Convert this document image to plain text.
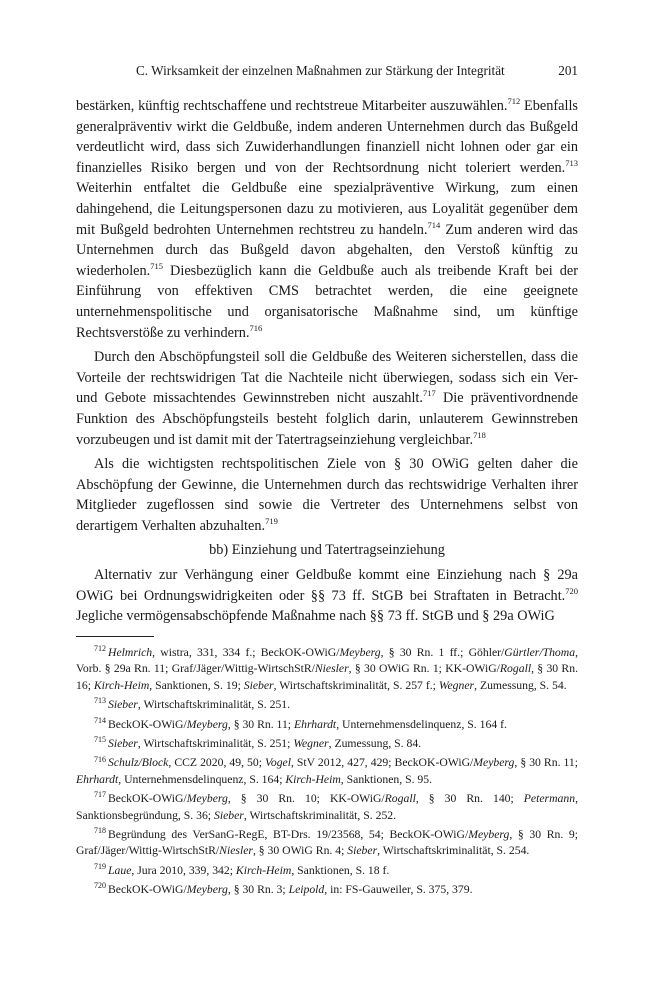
C. Wirksamkeit der einzelnen Maßnahmen zur Stärkung der Integrität	201

bestärken, künftig rechtschaffene und rechtstreue Mitarbeiter auszuwählen.$^{712}$ Ebenfalls generalpräventiv wirkt die Geldbuße, indem anderen Unternehmen durch das Bußgeld verdeutlicht wird, dass sich Zuwiderhandlungen finanziell nicht lohnen oder gar ein finanzielles Risiko bergen und von der Rechtsordnung nicht toleriert werden.$^{713}$ Weiterhin entfaltet die Geldbuße eine spezialpräventive Wirkung, zum einen dahingehend, die Leitungspersonen dazu zu motivieren, aus Loyalität gegenüber dem mit Bußgeld bedrohten Unternehmen rechtstreu zu handeln.$^{714}$ Zum anderen wird das Unternehmen durch das Bußgeld davon abgehalten, den Verstoß künftig zu wiederholen.$^{715}$ Diesbezüglich kann die Geldbuße auch als treibende Kraft bei der Einführung von effektiven CMS betrachtet werden, die eine geeignete unternehmenspolitische und organisatorische Maßnahme sind, um künftige Rechtsverstöße zu verhindern.$^{716}$

Durch den Abschöpfungsteil soll die Geldbuße des Weiteren sicherstellen, dass die Vorteile der rechtswidrigen Tat die Nachteile nicht überwiegen, sodass sich ein Ver- und Gebote missachtendes Gewinnstreben nicht auszahlt.$^{717}$ Die präventivordnende Funktion des Abschöpfungsteils besteht folglich darin, unlauterem Gewinnstreben vorzubeugen und ist damit mit der Tatertragseinziehung vergleichbar.$^{718}$

Als die wichtigsten rechtspolitischen Ziele von § 30 OWiG gelten daher die Abschöpfung der Gewinne, die Unternehmen durch das rechtswidrige Verhalten ihrer Mitglieder zugeflossen sind sowie die Vertreter des Unternehmens selbst von derartigem Verhalten abzuhalten.$^{719}$

bb) Einziehung und Tatertragseinziehung

Alternativ zur Verhängung einer Geldbuße kommt eine Einziehung nach § 29a OWiG bei Ordnungswidrigkeiten oder §§ 73 ff. StGB bei Straftaten in Betracht.$^{720}$ Jegliche vermögensabschöpfende Maßnahme nach §§ 73 ff. StGB und § 29a OWiG

$^{712}$ Helmrich, wistra, 331, 334 f.; BeckOK-OWiG/Meyberg, § 30 Rn. 1 ff.; Göhler/Gürtler/Thoma, Vorb. § 29a Rn. 11; Graf/Jäger/Wittig-WirtschStR/Niesler, § 30 OWiG Rn. 1; KK-OWiG/Rogall, § 30 Rn. 16; Kirch-Heim, Sanktionen, S. 19; Sieber, Wirtschaftskriminalität, S. 257 f.; Wegner, Zumessung, S. 54.

$^{713}$ Sieber, Wirtschaftskriminalität, S. 251.

$^{714}$ BeckOK-OWiG/Meyberg, § 30 Rn. 11; Ehrhardt, Unternehmensdelinquenz, S. 164 f.

$^{715}$ Sieber, Wirtschaftskriminalität, S. 251; Wegner, Zumessung, S. 84.

$^{716}$ Schulz/Block, CCZ 2020, 49, 50; Vogel, StV 2012, 427, 429; BeckOK-OWiG/Meyberg, § 30 Rn. 11; Ehrhardt, Unternehmensdelinquenz, S. 164; Kirch-Heim, Sanktionen, S. 95.

$^{717}$ BeckOK-OWiG/Meyberg, § 30 Rn. 10; KK-OWiG/Rogall, § 30 Rn. 140; Petermann, Sanktionsbegründung, S. 36; Sieber, Wirtschaftskriminalität, S. 252.

$^{718}$ Begründung des VerSanG-RegE, BT-Drs. 19/23568, 54; BeckOK-OWiG/Meyberg, § 30 Rn. 9; Graf/Jäger/Wittig-WirtschStR/Niesler, § 30 OWiG Rn. 4; Sieber, Wirtschaftskriminalität, S. 254.

$^{719}$ Laue, Jura 2010, 339, 342; Kirch-Heim, Sanktionen, S. 18 f.

$^{720}$ BeckOK-OWiG/Meyberg, § 30 Rn. 3; Leipold, in: FS-Gauweiler, S. 375, 379.
